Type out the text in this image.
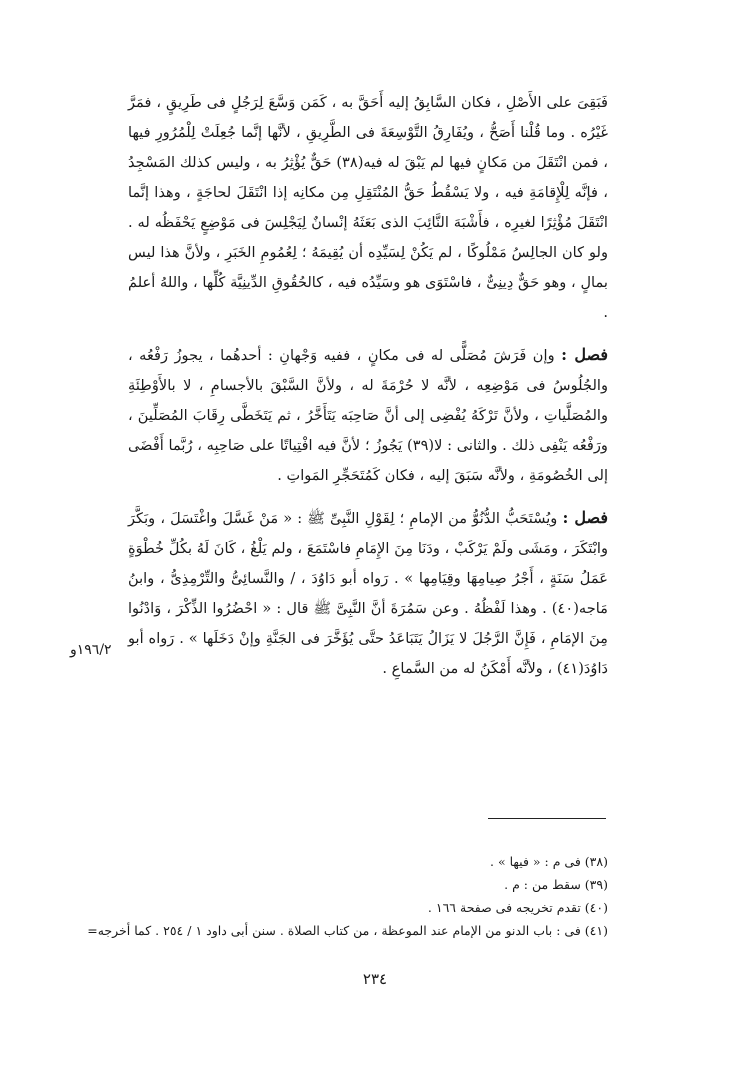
فَبَقِىَ على الأَصْلِ ، فكان السَّابِقُ إليه أَحَقَّ به ، كَمَن وَسَّعَ لِرَجُلٍ فى طَرِيقٍ ، فمَرَّ غَيْرُه . وما قُلْنا أَصَحُّ ، ويُفَارِقُ التَّوْسِعَةَ فى الطَّرِيقِ ، لأنَّها إنَّما جُعِلَتْ لِلْمُرُورِ فيها ، فمن انْتَقَلَ من مَكانٍ فيها لم يَبْقَ له فيه(٣٨) حَقٌّ يُؤْثِرُ به ، وليس كذلك المَسْجِدُ ، فإنَّه لِلْإِقامَةِ فيه ، ولا يَسْقُطُ حَقُّ المُنْتَقِلِ مِن مكانِه إذا انْتَقَلَ لحاجَةٍ ، وهذا إنَّما انْتَقَلَ مُؤْثِرًا لغيرِه ، فأَشْبَهَ النَّائِبَ الذى بَعَثَهُ إنْسانٌ لِيَجْلِسَ فى مَوْضِعٍ يَحْفَظُه له . ولو كان الجالِسُ مَمْلُوكًا ، لم يَكُنْ لِسَيِّدِه أن يُقِيمَهُ ؛ لِعُمُومِ الخَبَرِ ، ولأنَّ هذا ليس بمالٍ ، وهو حَقٌّ دِينِىٌّ ، فاسْتَوَى هو وسَيِّدُه فيه ، كالحُقُوقِ الدِّينِيَّة كُلِّها ، واللهُ أعلمُ .

فصل : وإن فَرَشَ مُصَلًّى له فى مكانٍ ، ففيه وَجْهانِ : أحدهُما ، يجوزُ رَفْعُه ، والجُلُوسُ فى مَوْضِعِه ، لأنَّه لا حُرْمَةَ له ، ولأنَّ السَّبْقَ بالأجسامِ ، لا بالأَوْطِئَةِ والمُصَلَّياتِ ، ولأنَّ تَرْكَهُ يُفْضِى إلى أنَّ صَاحِبَه يَتَأَخَّرُ ، ثم يَتَخَطَّى رِقَابَ المُصَلِّينَ ، ورَفْعُه يَنْفِى ذلك . والثانى : لا(٣٩) يَجُوزُ ؛ لأنَّ فيه افْتِياتًا على صَاحِبِه ، رُبَّما أَفْضَى إلى الخُصُومَةِ ، ولأنَّه سَبَقَ إليه ، فكان كَمُتَحَجِّرِ المَواتِ .

فصل : ويُسْتَحَبُّ الدُّنُوُّ من الإمامِ ؛ لِقَوْلِ النَّبِىِّ ﷺ : « مَنْ غَسَّلَ واغْتَسَلَ ، وبَكَّرَ وابْتَكَرَ ، ومَشَى ولَمْ يَرْكَبْ ، ودَنَا مِنَ الإِمَامِ فاسْتَمَعَ ، ولم يَلْغُ ، كَانَ لَهُ بكُلِّ خُطْوَةٍ عَمَلُ سَنَةٍ ، أَجْرُ صِيامِهَا وقِيَامِها » . رَواه أبو دَاوُدَ ، / والنَّسائِىُّ والتِّرْمِذِىُّ ، وابنُ مَاجه(٤٠) . وهذا لَفْظُهُ . وعن سَمُرَةَ أنَّ النَّبِىَّ ﷺ قال : « احْضُرُوا الذِّكْرَ ، وَادْنُوا مِنَ الإمَامِ ، فَإِنَّ الرَّجُلَ لا يَزَالُ يَتَبَاعَدُ حتَّى يُؤَخَّرَ فى الجَنَّةِ وإنْ دَخَلَها » . رَواه أبو دَاوُدَ(٤١) ، ولأنَّه أَمْكَنُ له من السَّماعِ .

١٩٦/٢و

(٣٨) فى م : « فيها » .

(٣٩) سقط من : م .

(٤٠) تقدم تخريجه فى صفحة ١٦٦ .

(٤١) فى : باب الدنو من الإمام عند الموعظة ، من كتاب الصلاة . سنن أبى داود ١ / ٢٥٤ . كما أخرجه=

٢٣٤
